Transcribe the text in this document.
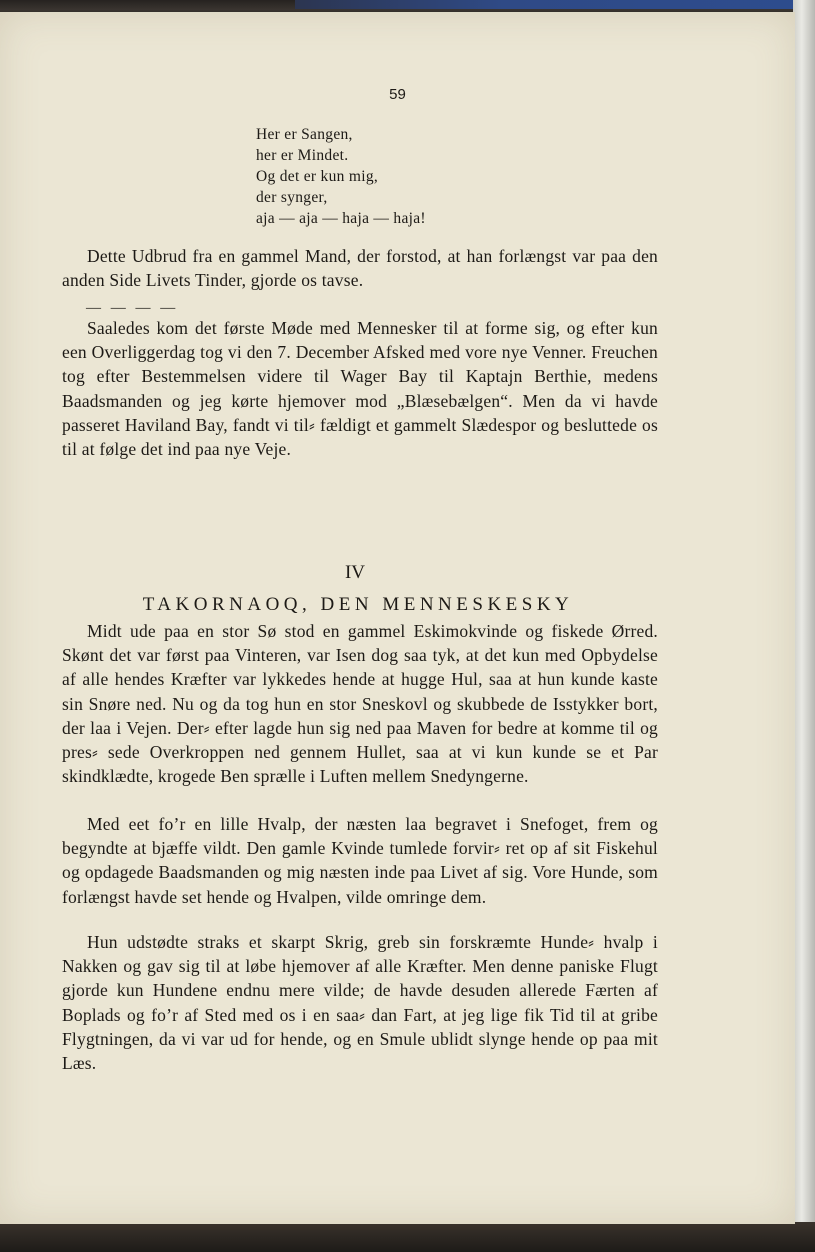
59
Her er Sangen,
her er Mindet.
Og det er kun mig,
der synger,
aja — aja — haja — haja!
Dette Udbrud fra en gammel Mand, der forstod, at han forlængst var paa den anden Side Livets Tinder, gjorde os tavse.
— — — —
Saaledes kom det første Møde med Mennesker til at forme sig, og efter kun een Overliggerdag tog vi den 7. December Afsked med vore nye Venner. Freuchen tog efter Bestemmelsen videre til Wager Bay til Kaptajn Berthie, medens Baadsmanden og jeg kørte hjemover mod „Blæsebælgen“. Men da vi havde passeret Haviland Bay, fandt vi til⸗ fældigt et gammelt Slædespor og besluttede os til at følge det ind paa nye Veje.
IV
TAKORNAOQ, DEN MENNESKESKY
Midt ude paa en stor Sø stod en gammel Eskimokvinde og fiskede Ørred. Skønt det var først paa Vinteren, var Isen dog saa tyk, at det kun med Opbydelse af alle hendes Kræfter var lykkedes hende at hugge Hul, saa at hun kunde kaste sin Snøre ned. Nu og da tog hun en stor Sneskovl og skubbede de Isstykker bort, der laa i Vejen. Der⸗ efter lagde hun sig ned paa Maven for bedre at komme til og pres⸗ sede Overkroppen ned gennem Hullet, saa at vi kun kunde se et Par skindklædte, krogede Ben sprælle i Luften mellem Snedyngerne.
Med eet fo’r en lille Hvalp, der næsten laa begravet i Snefoget, frem og begyndte at bjæffe vildt. Den gamle Kvinde tumlede forvir⸗ ret op af sit Fiskehul og opdagede Baadsmanden og mig næsten inde paa Livet af sig. Vore Hunde, som forlængst havde set hende og Hvalpen, vilde omringe dem.
Hun udstødte straks et skarpt Skrig, greb sin forskræmte Hunde⸗ hvalp i Nakken og gav sig til at løbe hjemover af alle Kræfter. Men denne paniske Flugt gjorde kun Hundene endnu mere vilde; de havde desuden allerede Færten af Boplads og fo’r af Sted med os i en saa⸗ dan Fart, at jeg lige fik Tid til at gribe Flygtningen, da vi var ud for hende, og en Smule ublidt slynge hende op paa mit Læs.
